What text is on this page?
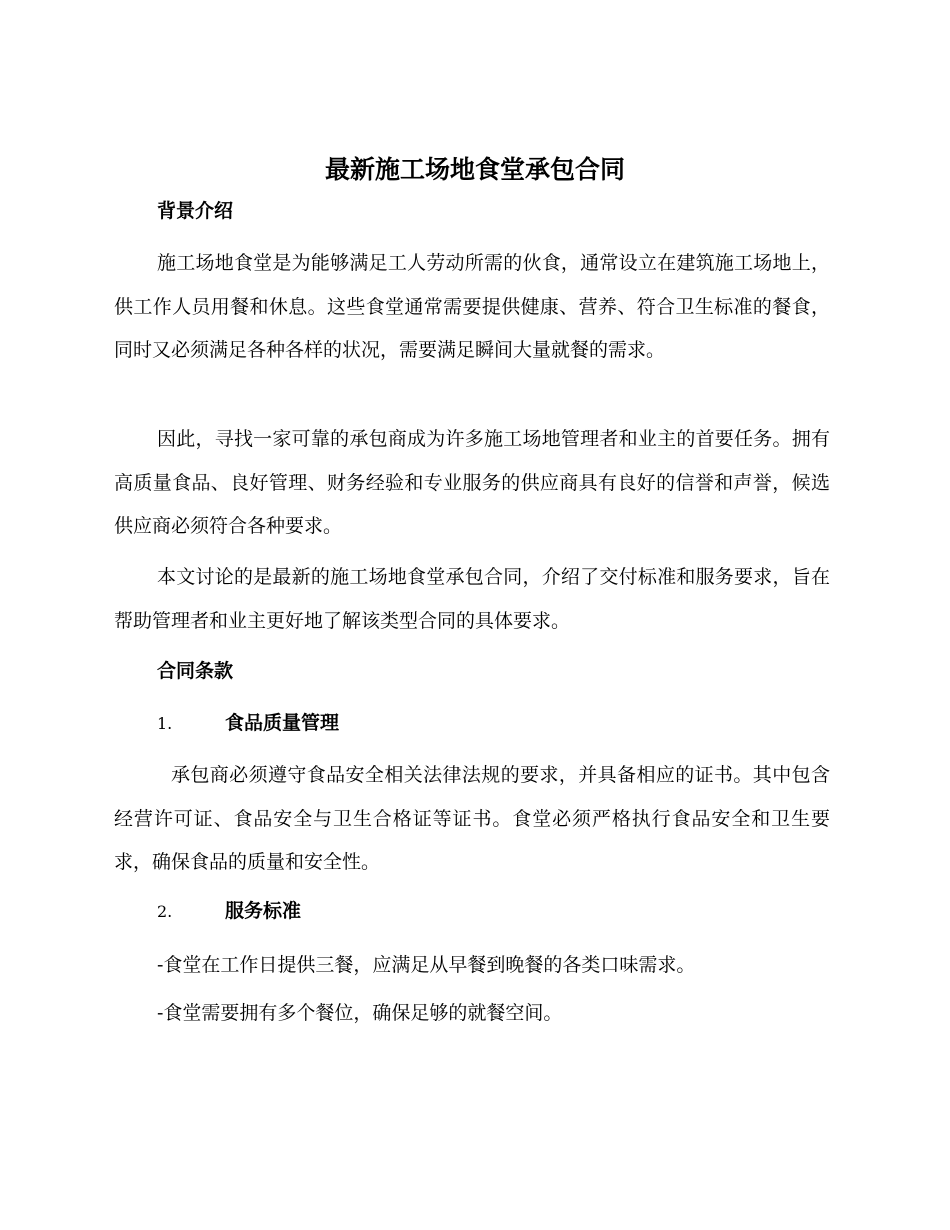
最新施工场地食堂承包合同
背景介绍

施工场地食堂是为能够满足工人劳动所需的伙食，通常设立在建筑施工场地上，供工作人员用餐和休息。这些食堂通常需要提供健康、营养、符合卫生标准的餐食，同时又必须满足各种各样的状况，需要满足瞬间大量就餐的需求。

因此，寻找一家可靠的承包商成为许多施工场地管理者和业主的首要任务。拥有高质量食品、良好管理、财务经验和专业服务的供应商具有良好的信誉和声誉，候选供应商必须符合各种要求。

本文讨论的是最新的施工场地食堂承包合同，介绍了交付标准和服务要求，旨在帮助管理者和业主更好地了解该类型合同的具体要求。

合同条款
1.	食品质量管理

承包商必须遵守食品安全相关法律法规的要求，并具备相应的证书。其中包含经营许可证、食品安全与卫生合格证等证书。食堂必须严格执行食品安全和卫生要求，确保食品的质量和安全性。

2.	服务标准

-食堂在工作日提供三餐，应满足从早餐到晚餐的各类口味需求。

-食堂需要拥有多个餐位，确保足够的就餐空间。
